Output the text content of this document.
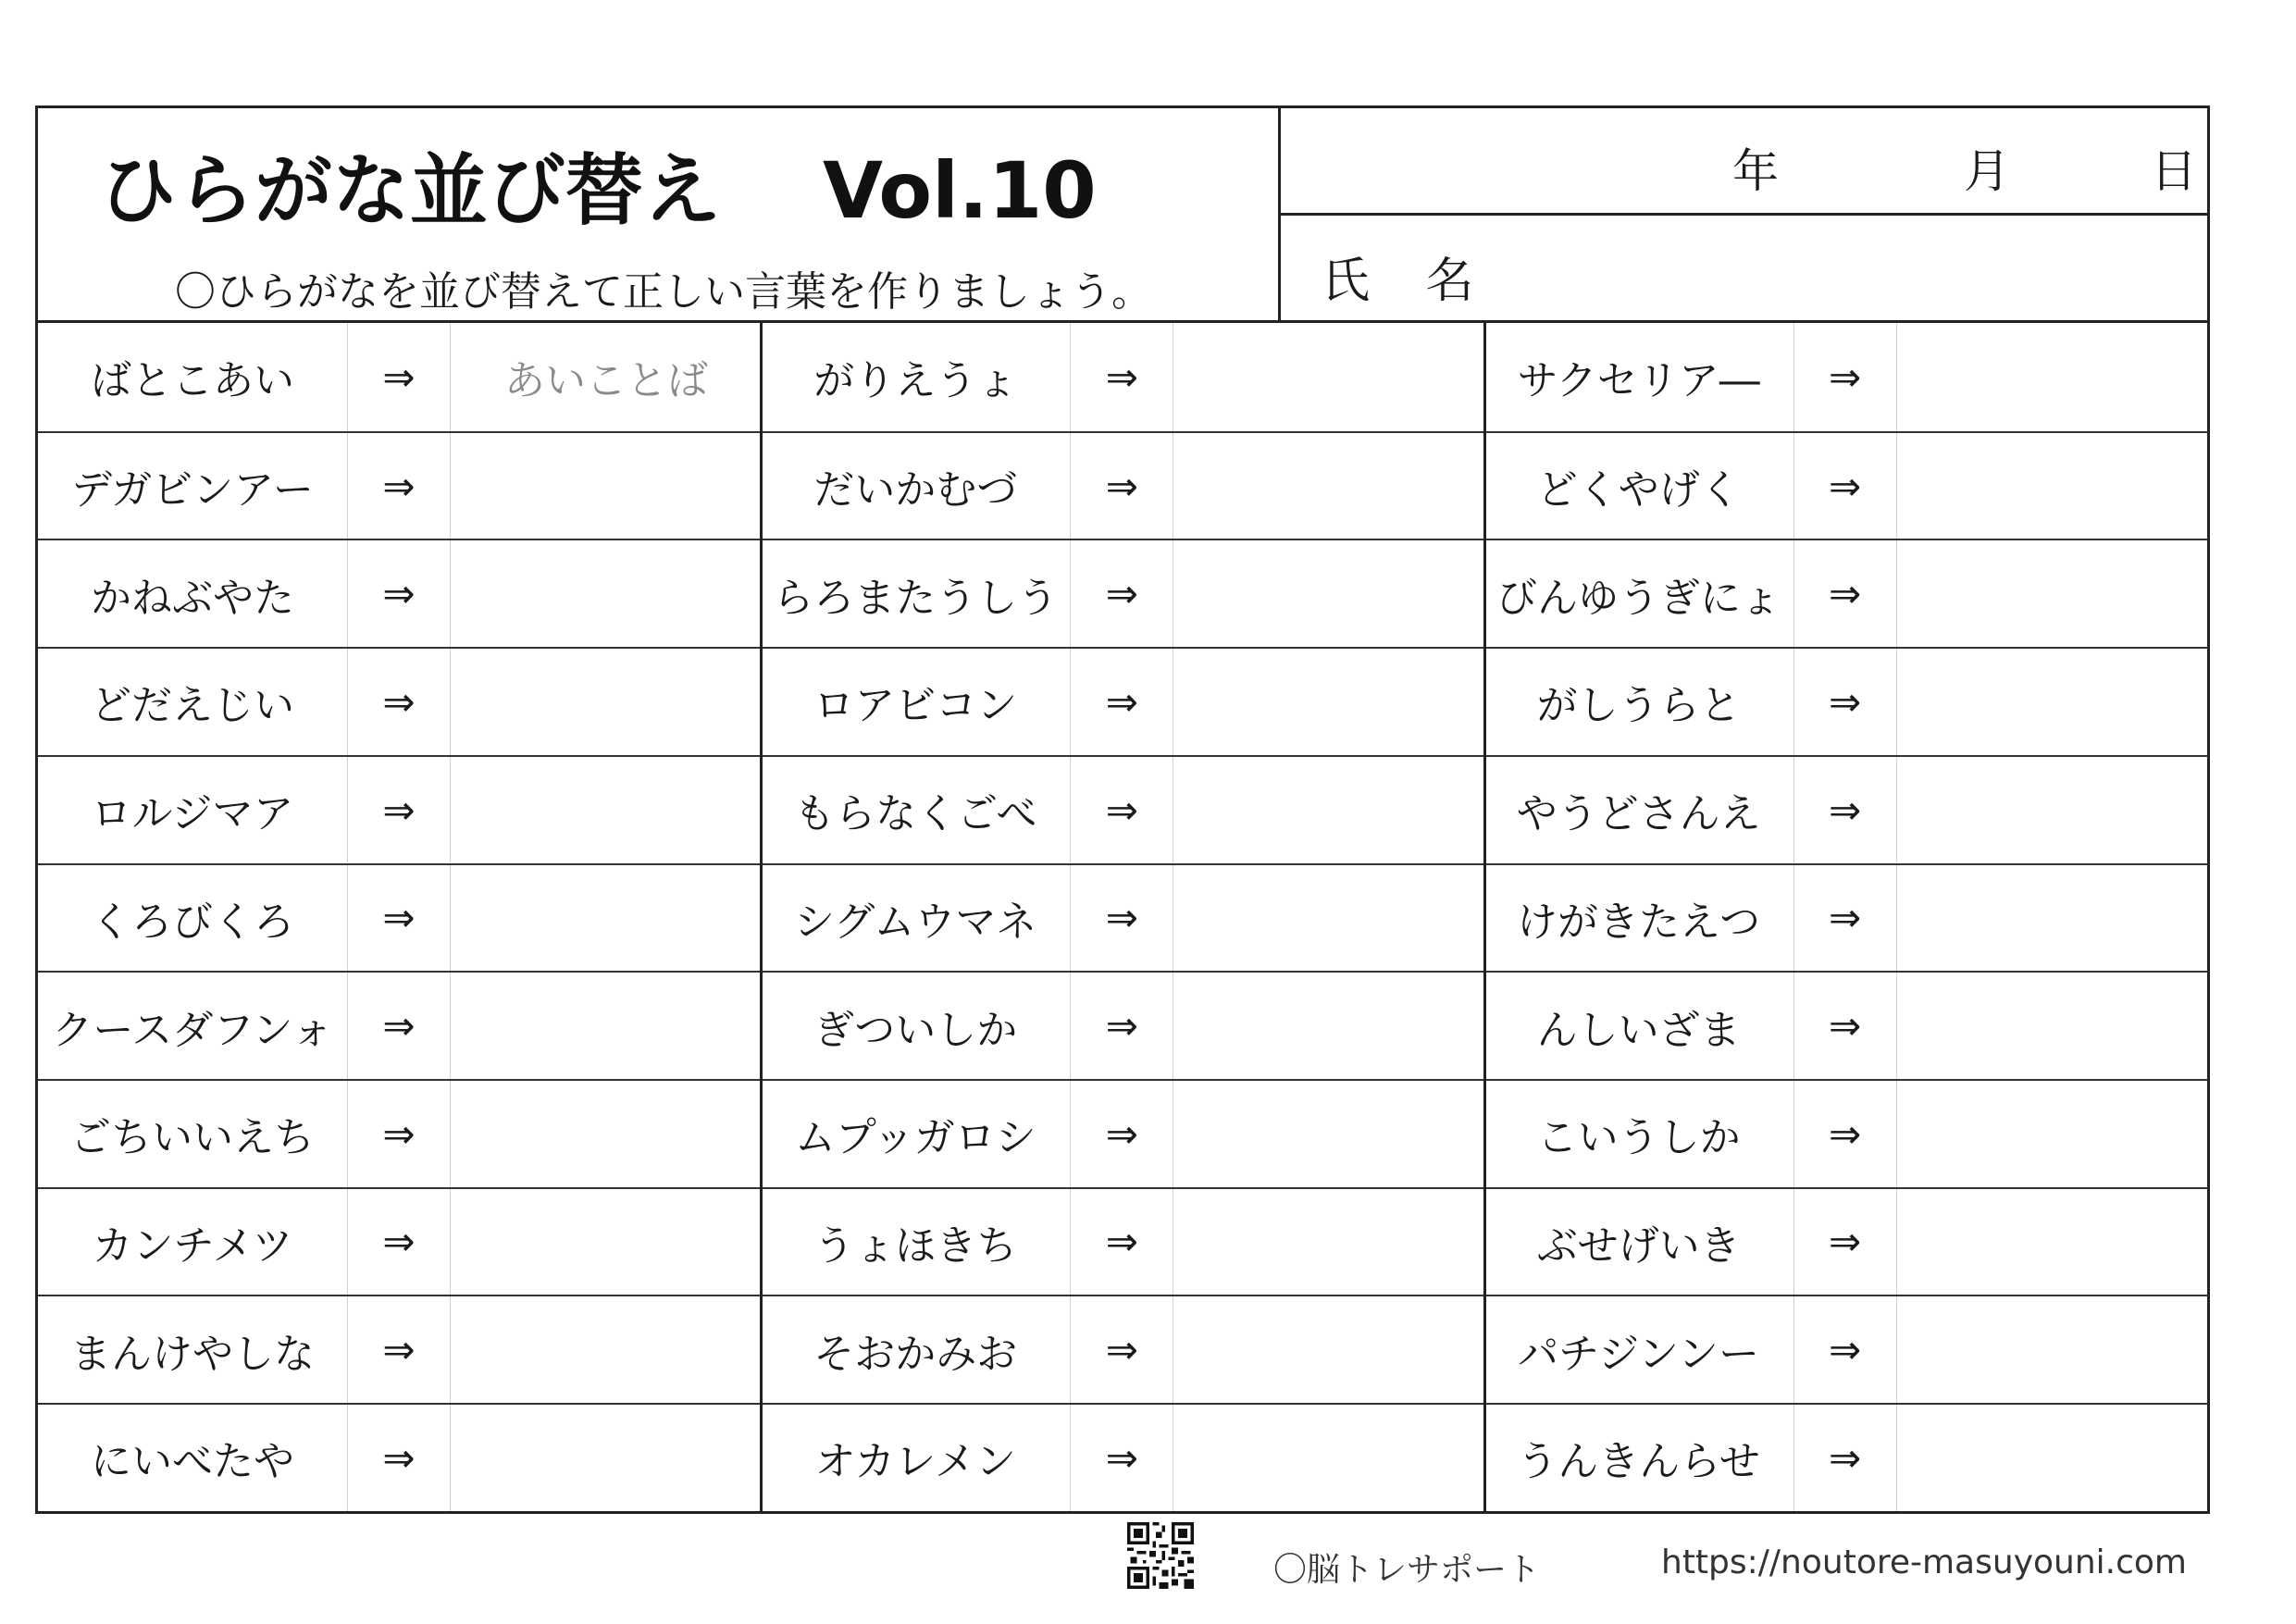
ひらがな並び替え Vol.10
〇ひらがなを並び替えて正しい言葉を作りましょう。
年	月	日
氏 名
ばとこあい	⇒	あいことば
デガビンアー	⇒
かねぶやた	⇒
どだえじい	⇒
ロルジマア	⇒
くろびくろ	⇒
クースダフンォ	⇒
ごちいいえち	⇒
カンチメツ	⇒
まんけやしな	⇒
にいべたや	⇒
がりえうょ	⇒
だいかむづ	⇒
らろまたうしう	⇒
ロアビコン	⇒
もらなくごべ	⇒
シグムウマネ	⇒
ぎついしか	⇒
ムプッガロシ	⇒
うょほきち	⇒
そおかみお	⇒
オカレメン	⇒
サクセリア―	⇒
どくやげく	⇒
びんゆうぎにょ	⇒
がしうらと	⇒
やうどさんえ	⇒
けがきたえつ	⇒
んしいざま	⇒
こいうしか	⇒
ぶせげいき	⇒
パチジンンー	⇒
うんきんらせ	⇒
〇脳トレサポート	https://noutore-masuyouni.com
